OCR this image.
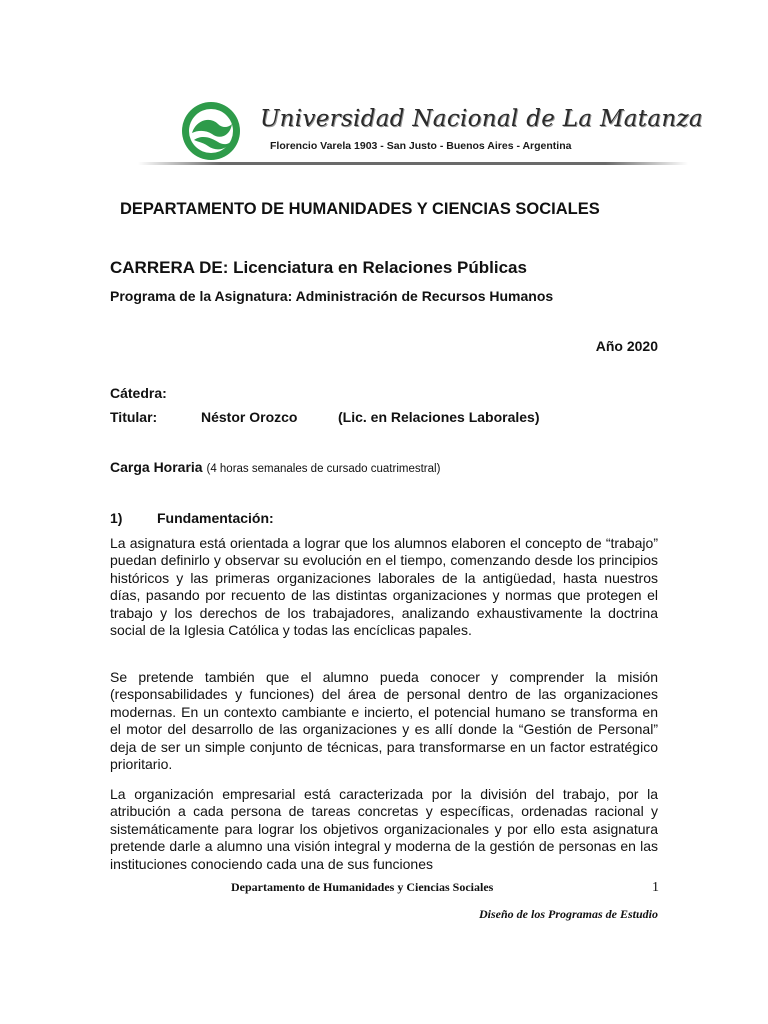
Universidad Nacional de La Matanza
Florencio Varela 1903 - San Justo - Buenos Aires - Argentina
DEPARTAMENTO DE HUMANIDADES Y CIENCIAS SOCIALES
CARRERA DE: Licenciatura en Relaciones Públicas
Programa de la Asignatura: Administración de Recursos Humanos
Año 2020
Cátedra:
Titular:	Néstor Orozco	(Lic. en Relaciones Laborales)
Carga Horaria (4 horas semanales de cursado cuatrimestral)
1) Fundamentación:

La asignatura está orientada a lograr que los alumnos elaboren el concepto de “trabajo” puedan definirlo y observar su evolución en el tiempo, comenzando desde los principios históricos y las primeras organizaciones laborales de la antigüedad, hasta nuestros días, pasando por recuento de las distintas organizaciones y normas que protegen el trabajo y los derechos de los trabajadores, analizando exhaustivamente la doctrina social de la Iglesia Católica y todas las encíclicas papales.

Se pretende también que el alumno pueda conocer y comprender la misión (responsabilidades y funciones) del área de personal dentro de las organizaciones modernas. En un contexto cambiante e incierto, el potencial humano se transforma en el motor del desarrollo de las organizaciones y es allí donde la “Gestión de Personal” deja de ser un simple conjunto de técnicas, para transformarse en un factor estratégico prioritario.

La organización empresarial está caracterizada por la división del trabajo, por la atribución a cada persona de tareas concretas y específicas, ordenadas racional y sistemáticamente para lograr los objetivos organizacionales y por ello esta asignatura pretende darle a alumno una visión integral y moderna de la gestión de personas en las instituciones conociendo cada una de sus funciones

Departamento de Humanidades y Ciencias Sociales	1
Diseño de los Programas de Estudio
